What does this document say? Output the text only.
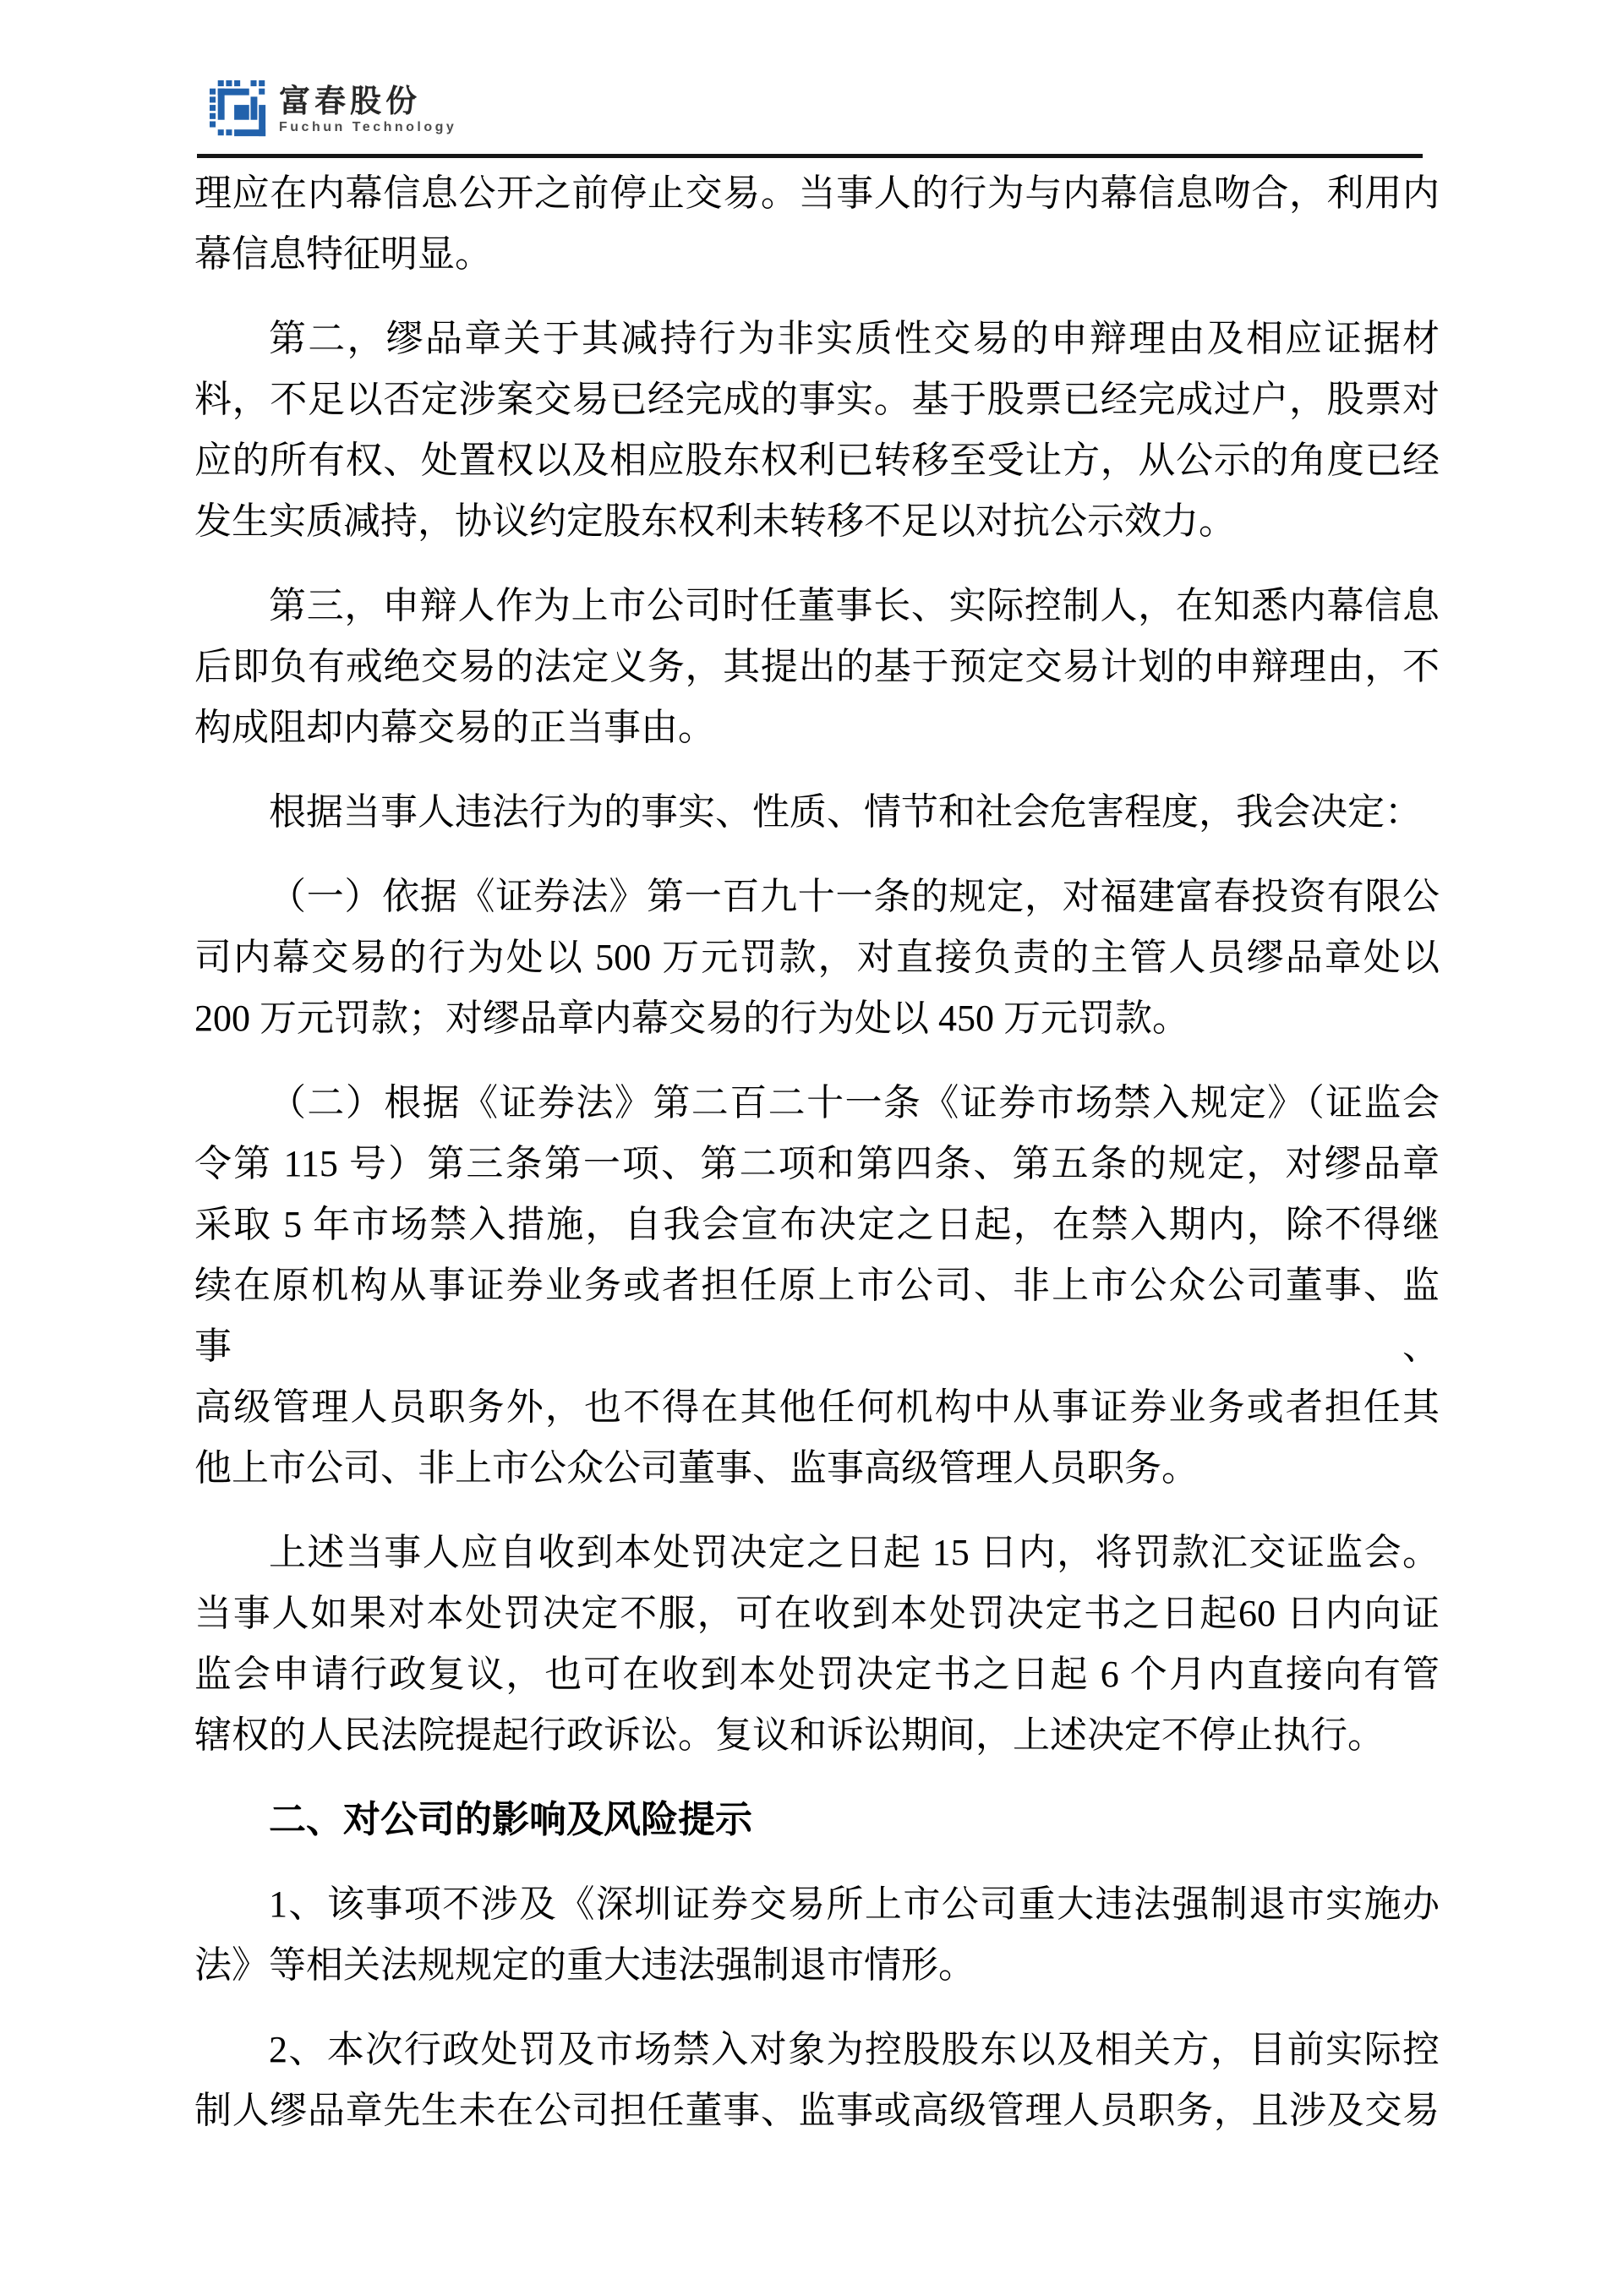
富春股份
Fuchun Technology
理应在内幕信息公开之前停止交易。当事人的行为与内幕信息吻合，利用内
幕信息特征明显。
第二，缪品章关于其减持行为非实质性交易的申辩理由及相应证据材
料，不足以否定涉案交易已经完成的事实。基于股票已经完成过户，股票对
应的所有权、处置权以及相应股东权利已转移至受让方，从公示的角度已经
发生实质减持，协议约定股东权利未转移不足以对抗公示效力。
第三，申辩人作为上市公司时任董事长、实际控制人，在知悉内幕信息
后即负有戒绝交易的法定义务，其提出的基于预定交易计划的申辩理由，不
构成阻却内幕交易的正当事由。
根据当事人违法行为的事实、性质、情节和社会危害程度，我会决定：
（一）依据《证券法》第一百九十一条的规定，对福建富春投资有限公
司内幕交易的行为处以 500 万元罚款，对直接负责的主管人员缪品章处以
200 万元罚款；对缪品章内幕交易的行为处以 450 万元罚款。
（二）根据《证券法》第二百二十一条《证券市场禁入规定》（证监会
令第 115 号）第三条第一项、第二项和第四条、第五条的规定，对缪品章
采取 5 年市场禁入措施，自我会宣布决定之日起，在禁入期内，除不得继
续在原机构从事证券业务或者担任原上市公司、非上市公众公司董事、监事、
高级管理人员职务外，也不得在其他任何机构中从事证券业务或者担任其
他上市公司、非上市公众公司董事、监事高级管理人员职务。
上述当事人应自收到本处罚决定之日起 15 日内，将罚款汇交证监会。
当事人如果对本处罚决定不服，可在收到本处罚决定书之日起60 日内向证
监会申请行政复议，也可在收到本处罚决定书之日起 6 个月内直接向有管
辖权的人民法院提起行政诉讼。复议和诉讼期间，上述决定不停止执行。
二、对公司的影响及风险提示
1、该事项不涉及《深圳证券交易所上市公司重大违法强制退市实施办
法》等相关法规规定的重大违法强制退市情形。
2、本次行政处罚及市场禁入对象为控股股东以及相关方，目前实际控
制人缪品章先生未在公司担任董事、监事或高级管理人员职务，且涉及交易
